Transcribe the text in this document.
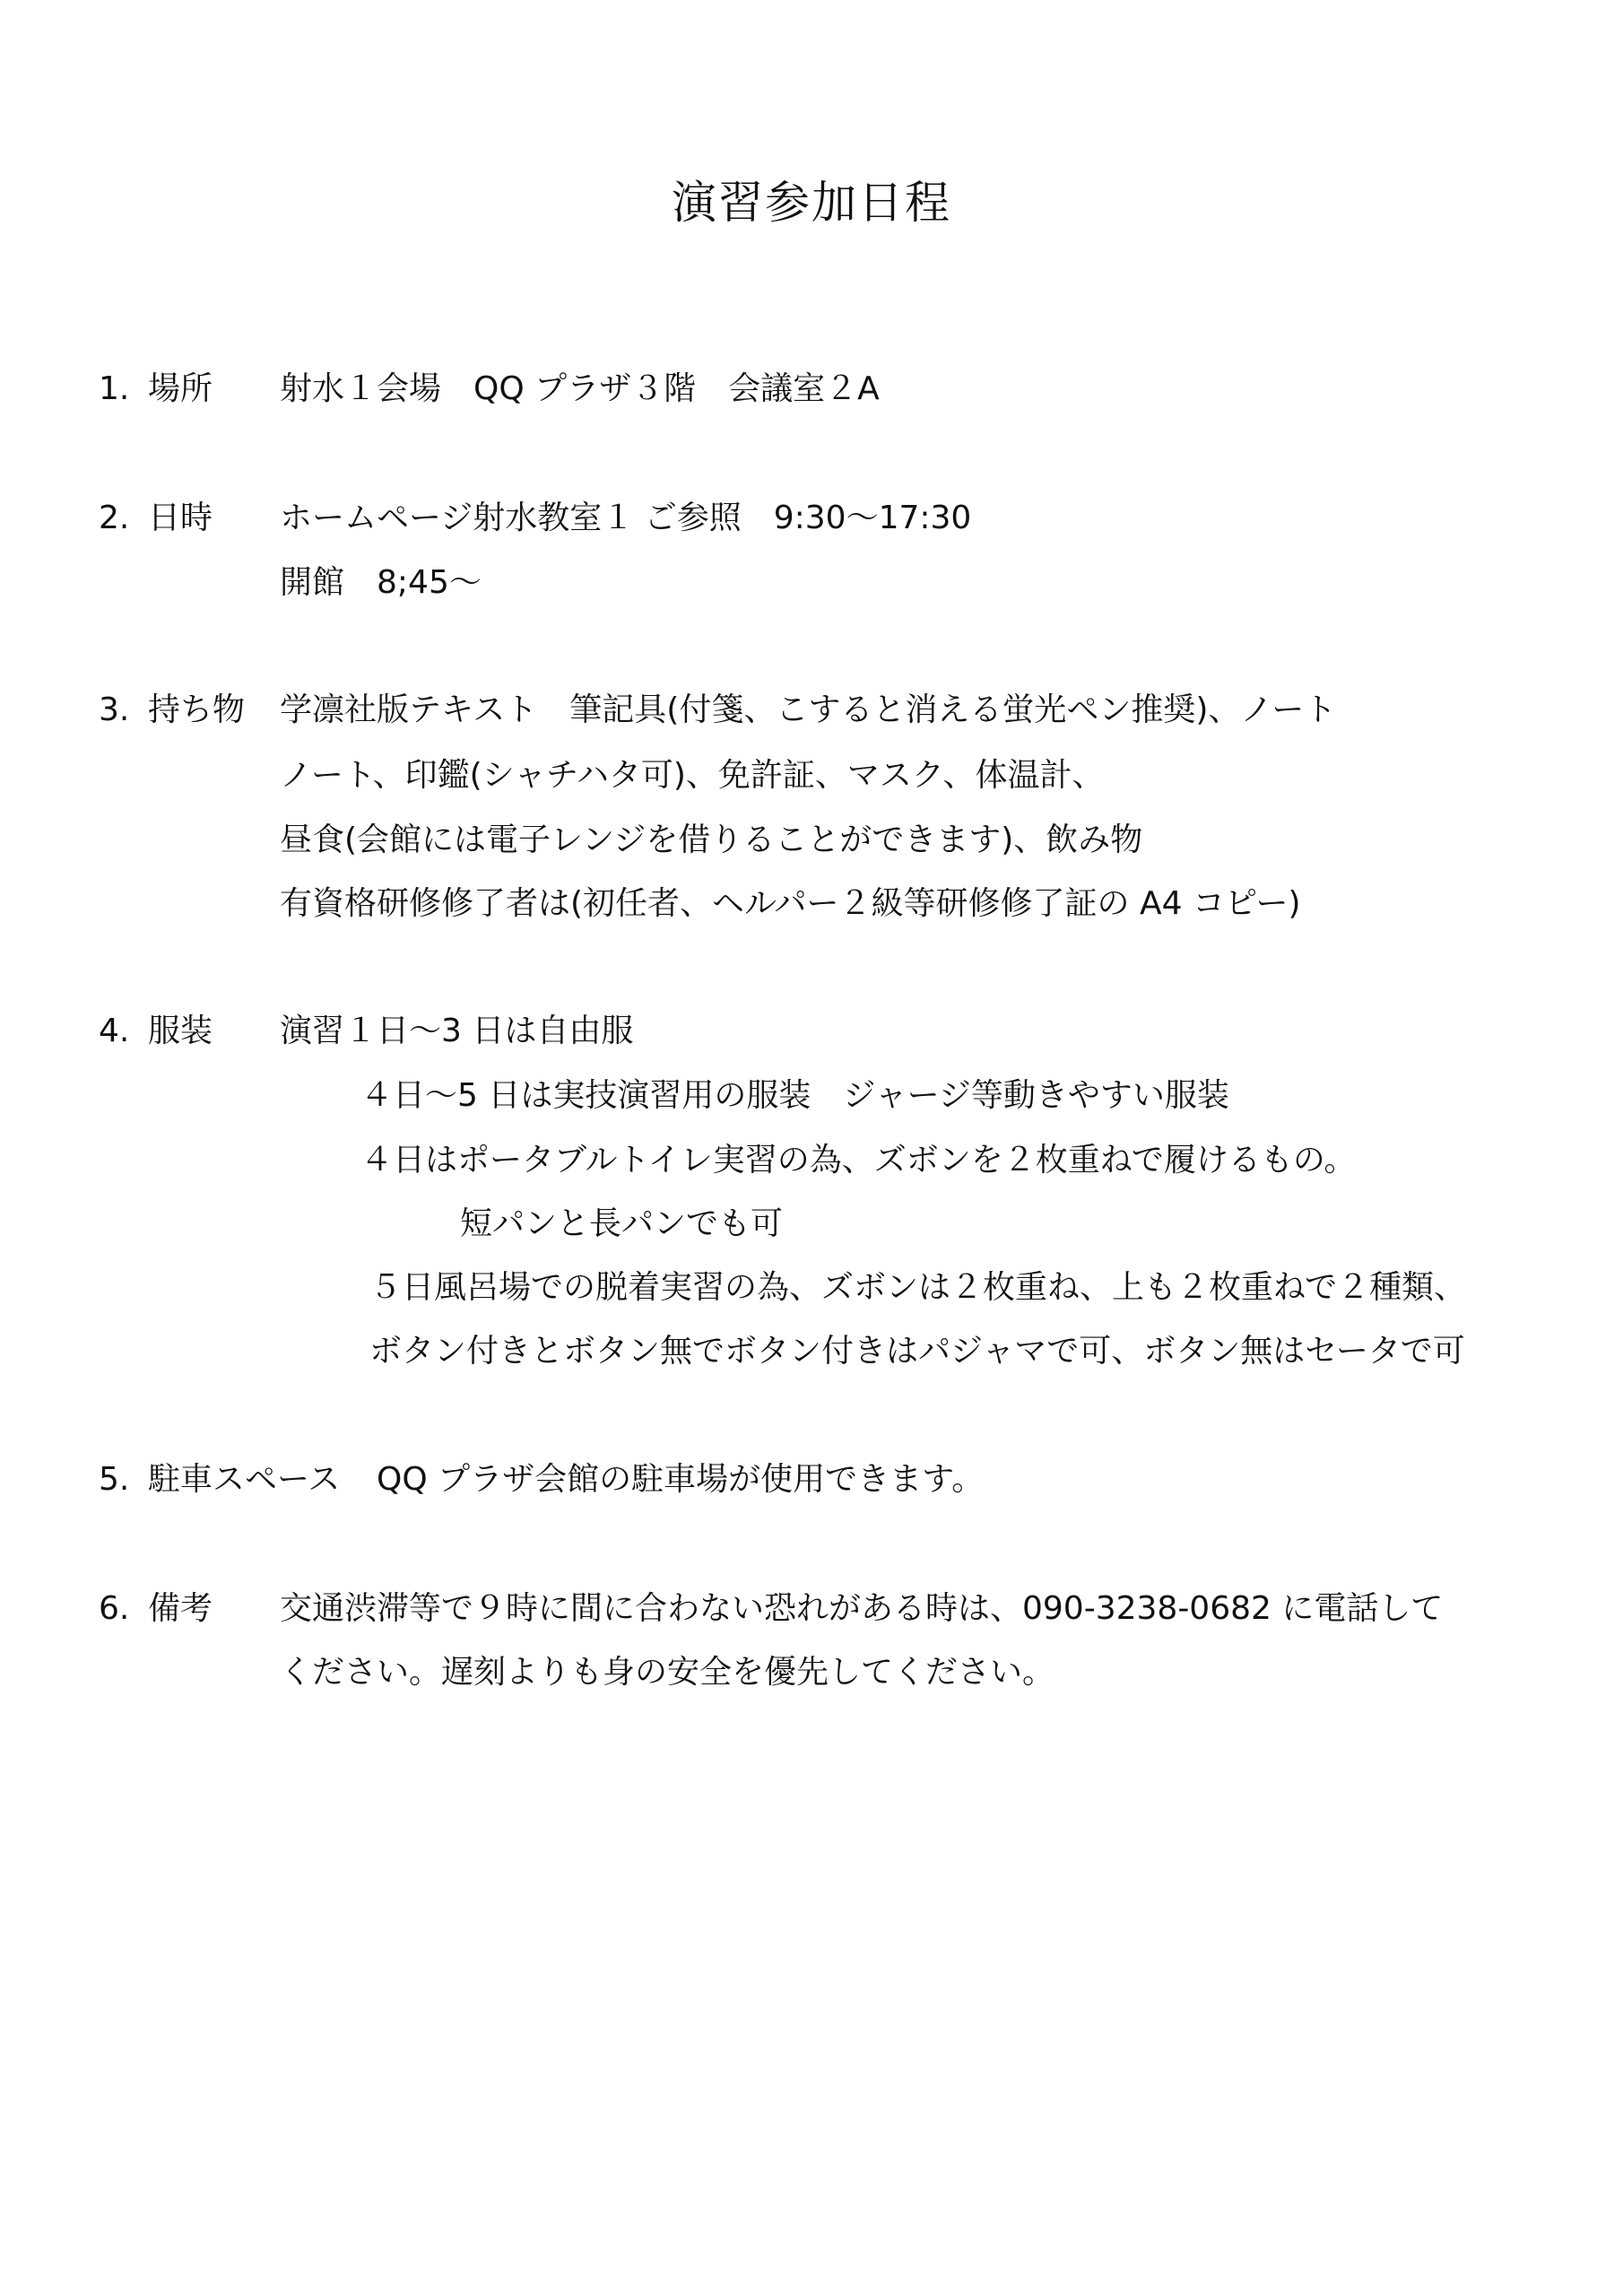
演習参加日程
1. 場所 射水１会場　QQ プラザ３階　会議室２A
2. 日時 ホームページ射水教室１ ご参照　9:30〜17:30
開館　8;45〜
3. 持ち物 学凛社版テキスト　筆記具(付箋、こすると消える蛍光ペン推奨)、ノート
ノート、印鑑(シャチハタ可)、免許証、マスク、体温計、
昼食(会館には電子レンジを借りることができます)、飲み物
有資格研修修了者は(初任者、ヘルパー２級等研修修了証の A4 コピー)
4. 服装 演習１日〜3 日は自由服
４日〜5 日は実技演習用の服装　ジャージ等動きやすい服装
４日はポータブルトイレ実習の為、ズボンを２枚重ねで履けるもの。
短パンと長パンでも可
５日風呂場での脱着実習の為、ズボンは２枚重ね、上も２枚重ねで２種類、
ボタン付きとボタン無でボタン付きはパジャマで可、ボタン無はセータで可
5. 駐車スペース QQ プラザ会館の駐車場が使用できます。
6. 備考 交通渋滞等で９時に間に合わない恐れがある時は、090-3238-0682 に電話して
ください。遅刻よりも身の安全を優先してください。
